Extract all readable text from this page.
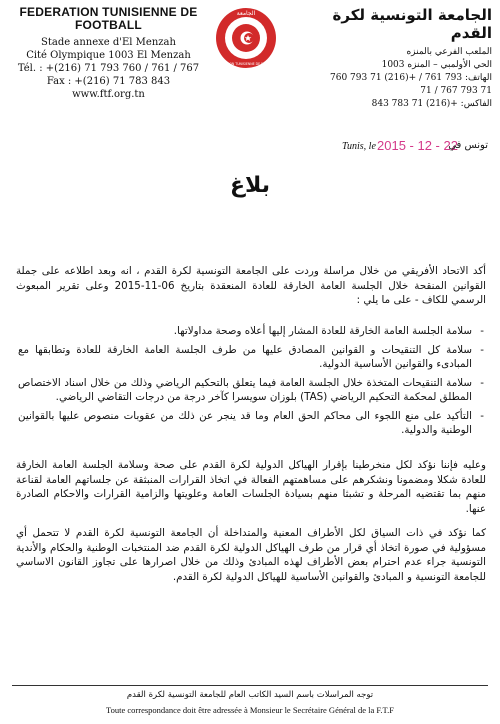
FEDERATION TUNISIENNE DE FOOTBALL
Stade annexe d'El Menzah
Cité Olympique 1003 El Menzah
Tél. : +(216) 71 793 760 / 761 / 767
Fax : +(216) 71 783 843
www.ftf.org.tn
الجامعة
FEDERATION TUNISIENNE DE FOOTBALL
الجامعة التونسية لكرة القدم
الملعب الفرعي بالمنزه
الحي الأولمبي – المنزه 1003
الهاتف: 760 793 71 (216)+ / 761 793 71 / 767 793 71
الفاكس: 843 783 71 (216)+
Tunis, le 2015 - 12 - 22
تونس في
بلاغ
أكد الاتحاد الأفريقي من خلال مراسلة وردت على الجامعة التونسية لكرة القدم ، انه وبعد اطلاعه على جملة القوانين المنقحة خلال الجلسة العامة الخارقة للعادة المنعقدة بتاريخ 06-11-2015 وعلى تقرير المبعوث الرسمي للكاف - على ما يلي :
- سلامة الجلسة العامة الخارقة للعادة المشار إليها أعلاه وصحة مداولاتها.
- سلامة كل التنقيحات و القوانين المصادق عليها من طرف الجلسة العامة الخارقة للعادة وتطابقها مع المبادىء والقوانين الأساسية الدولية.
- سلامة التنقيحات المتخذة خلال الجلسة العامة فيما يتعلق بالتحكيم الرياضي وذلك من خلال اسناد الاختصاص المطلق لمحكمة التحكيم الرياضي (TAS) بلوزان سويسرا كآخر درجة من درجات التقاضي الرياضي.
- التأكيد على منع اللجوء الى محاكم الحق العام وما قد ينجر عن ذلك من عقوبات منصوص عليها بالقوانين الوطنية والدولية.
وعليه فإننا نؤكد لكل منخرطينا بإقرار الهياكل الدولية لكرة القدم على صحة وسلامة الجلسة العامة الخارقة للعادة شكلا ومضمونا ونشكرهم على مساهمتهم الفعالة في اتخاذ القرارات المنبثقة عن جلساتهم العامة لقناعة منهم بما تقتضيه المرحلة و تشبثا منهم بسيادة الجلسات العامة وعلويتها والزامية القرارات والاحكام الصادرة عنها.
كما نؤكد في ذات السياق لكل الأطراف المعنية والمتداخلة أن الجامعة التونسية لكرة القدم لا تتحمل أي مسؤولية في صورة اتخاذ أي قرار من طرف الهياكل الدولية لكرة القدم ضد المنتخبات الوطنية والحكام والأندية التونسية جراء عدم احترام بعض الأطراف لهذه المبادئ وذلك من خلال اصرارها على تجاوز القانون الاساسي للجامعة التونسية و المبادئ والقوانين الأساسية للهياكل الدولية لكرة القدم.
توجه المراسلات باسم السيد الكاتب العام للجامعة التونسية لكرة القدم
Toute correspondance doit être adressée à Monsieur le Secrétaire Général de la F.T.F
